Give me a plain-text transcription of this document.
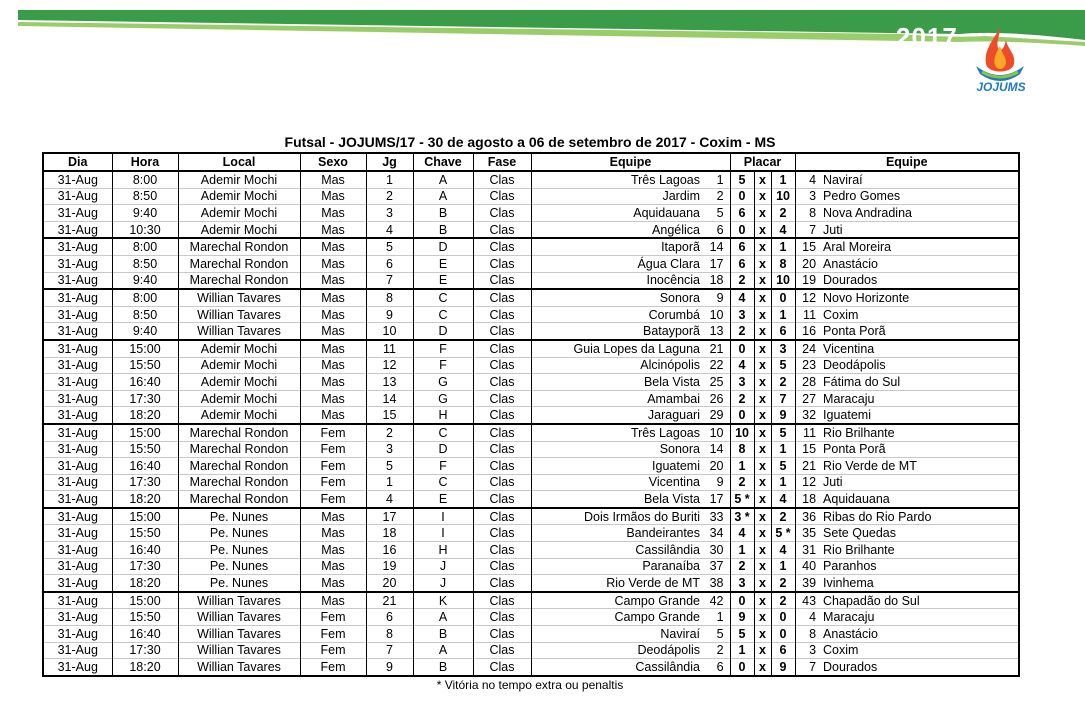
2017
JOJUMS
Futsal - JOJUMS/17 - 30 de agosto a 06 de setembro de 2017 - Coxim - MS
Dia	Hora	Local	Sexo	Jg	Chave	Fase	Equipe		Placar			Equipe	
31-Aug	8:00	Ademir Mochi	Mas	1	A	Clas	Três Lagoas	1	5	x	1	4	Naviraí
31-Aug	8:50	Ademir Mochi	Mas	2	A	Clas	Jardim	2	0	x	10	3	Pedro Gomes
31-Aug	9:40	Ademir Mochi	Mas	3	B	Clas	Aquidauana	5	6	x	2	8	Nova Andradina
31-Aug	10:30	Ademir Mochi	Mas	4	B	Clas	Angélica	6	0	x	4	7	Juti
31-Aug	8:00	Marechal Rondon	Mas	5	D	Clas	Itaporã	14	6	x	1	15	Aral Moreira
31-Aug	8:50	Marechal Rondon	Mas	6	E	Clas	Água Clara	17	6	x	8	20	Anastácio
31-Aug	9:40	Marechal Rondon	Mas	7	E	Clas	Inocência	18	2	x	10	19	Dourados
31-Aug	8:00	Willian Tavares	Mas	8	C	Clas	Sonora	9	4	x	0	12	Novo Horizonte
31-Aug	8:50	Willian Tavares	Mas	9	C	Clas	Corumbá	10	3	x	1	11	Coxim
31-Aug	9:40	Willian Tavares	Mas	10	D	Clas	Batayporã	13	2	x	6	16	Ponta Porã
31-Aug	15:00	Ademir Mochi	Mas	11	F	Clas	Guia Lopes da Laguna	21	0	x	3	24	Vicentina
31-Aug	15:50	Ademir Mochi	Mas	12	F	Clas	Alcinópolis	22	4	x	5	23	Deodápolis
31-Aug	16:40	Ademir Mochi	Mas	13	G	Clas	Bela Vista	25	3	x	2	28	Fátima do Sul
31-Aug	17:30	Ademir Mochi	Mas	14	G	Clas	Amambai	26	2	x	7	27	Maracaju
31-Aug	18:20	Ademir Mochi	Mas	15	H	Clas	Jaraguari	29	0	x	9	32	Iguatemi
31-Aug	15:00	Marechal Rondon	Fem	2	C	Clas	Três Lagoas	10	10	x	5	11	Rio Brilhante
31-Aug	15:50	Marechal Rondon	Fem	3	D	Clas	Sonora	14	8	x	1	15	Ponta Porã
31-Aug	16:40	Marechal Rondon	Fem	5	F	Clas	Iguatemi	20	1	x	5	21	Rio Verde de MT
31-Aug	17:30	Marechal Rondon	Fem	1	C	Clas	Vicentina	9	2	x	1	12	Juti
31-Aug	18:20	Marechal Rondon	Fem	4	E	Clas	Bela Vista	17	5 *	x	4	18	Aquidauana
31-Aug	15:00	Pe. Nunes	Mas	17	I	Clas	Dois Irmãos do Buriti	33	3 *	x	2	36	Ribas do Rio Pardo
31-Aug	15:50	Pe. Nunes	Mas	18	I	Clas	Bandeirantes	34	4	x	5 *	35	Sete Quedas
31-Aug	16:40	Pe. Nunes	Mas	16	H	Clas	Cassilândia	30	1	x	4	31	Rio Brilhante
31-Aug	17:30	Pe. Nunes	Mas	19	J	Clas	Paranaíba	37	2	x	1	40	Paranhos
31-Aug	18:20	Pe. Nunes	Mas	20	J	Clas	Rio Verde de MT	38	3	x	2	39	Ivinhema
31-Aug	15:00	Willian Tavares	Mas	21	K	Clas	Campo Grande	42	0	x	2	43	Chapadão do Sul
31-Aug	15:50	Willian Tavares	Fem	6	A	Clas	Campo Grande	1	9	x	0	4	Maracaju
31-Aug	16:40	Willian Tavares	Fem	8	B	Clas	Naviraí	5	5	x	0	8	Anastácio
31-Aug	17:30	Willian Tavares	Fem	7	A	Clas	Deodápolis	2	1	x	6	3	Coxim
31-Aug	18:20	Willian Tavares	Fem	9	B	Clas	Cassilândia	6	0	x	9	7	Dourados
* Vitória no tempo extra ou penaltis
